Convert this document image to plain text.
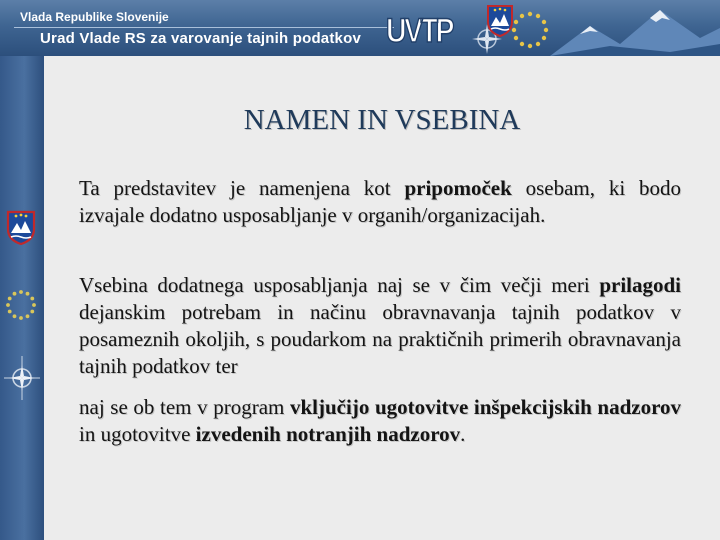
Vlada Republike Slovenije
Urad Vlade RS za varovanje tajnih podatkov UVTP
NAMEN IN VSEBINA
Ta predstavitev je namenjena kot pripomoček osebam, ki bodo izvajale dodatno usposabljanje v organih/organizacijah.
Vsebina dodatnega usposabljanja naj se v čim večji meri prilagodi dejanskim potrebam in načinu obravnavanja tajnih podatkov v posameznih okoljih, s poudarkom na praktičnih primerih obravnavanja tajnih podatkov ter
naj se ob tem v program vključijo ugotovitve inšpekcijskih nadzorov in ugotovitve izvedenih notranjih nadzorov.
